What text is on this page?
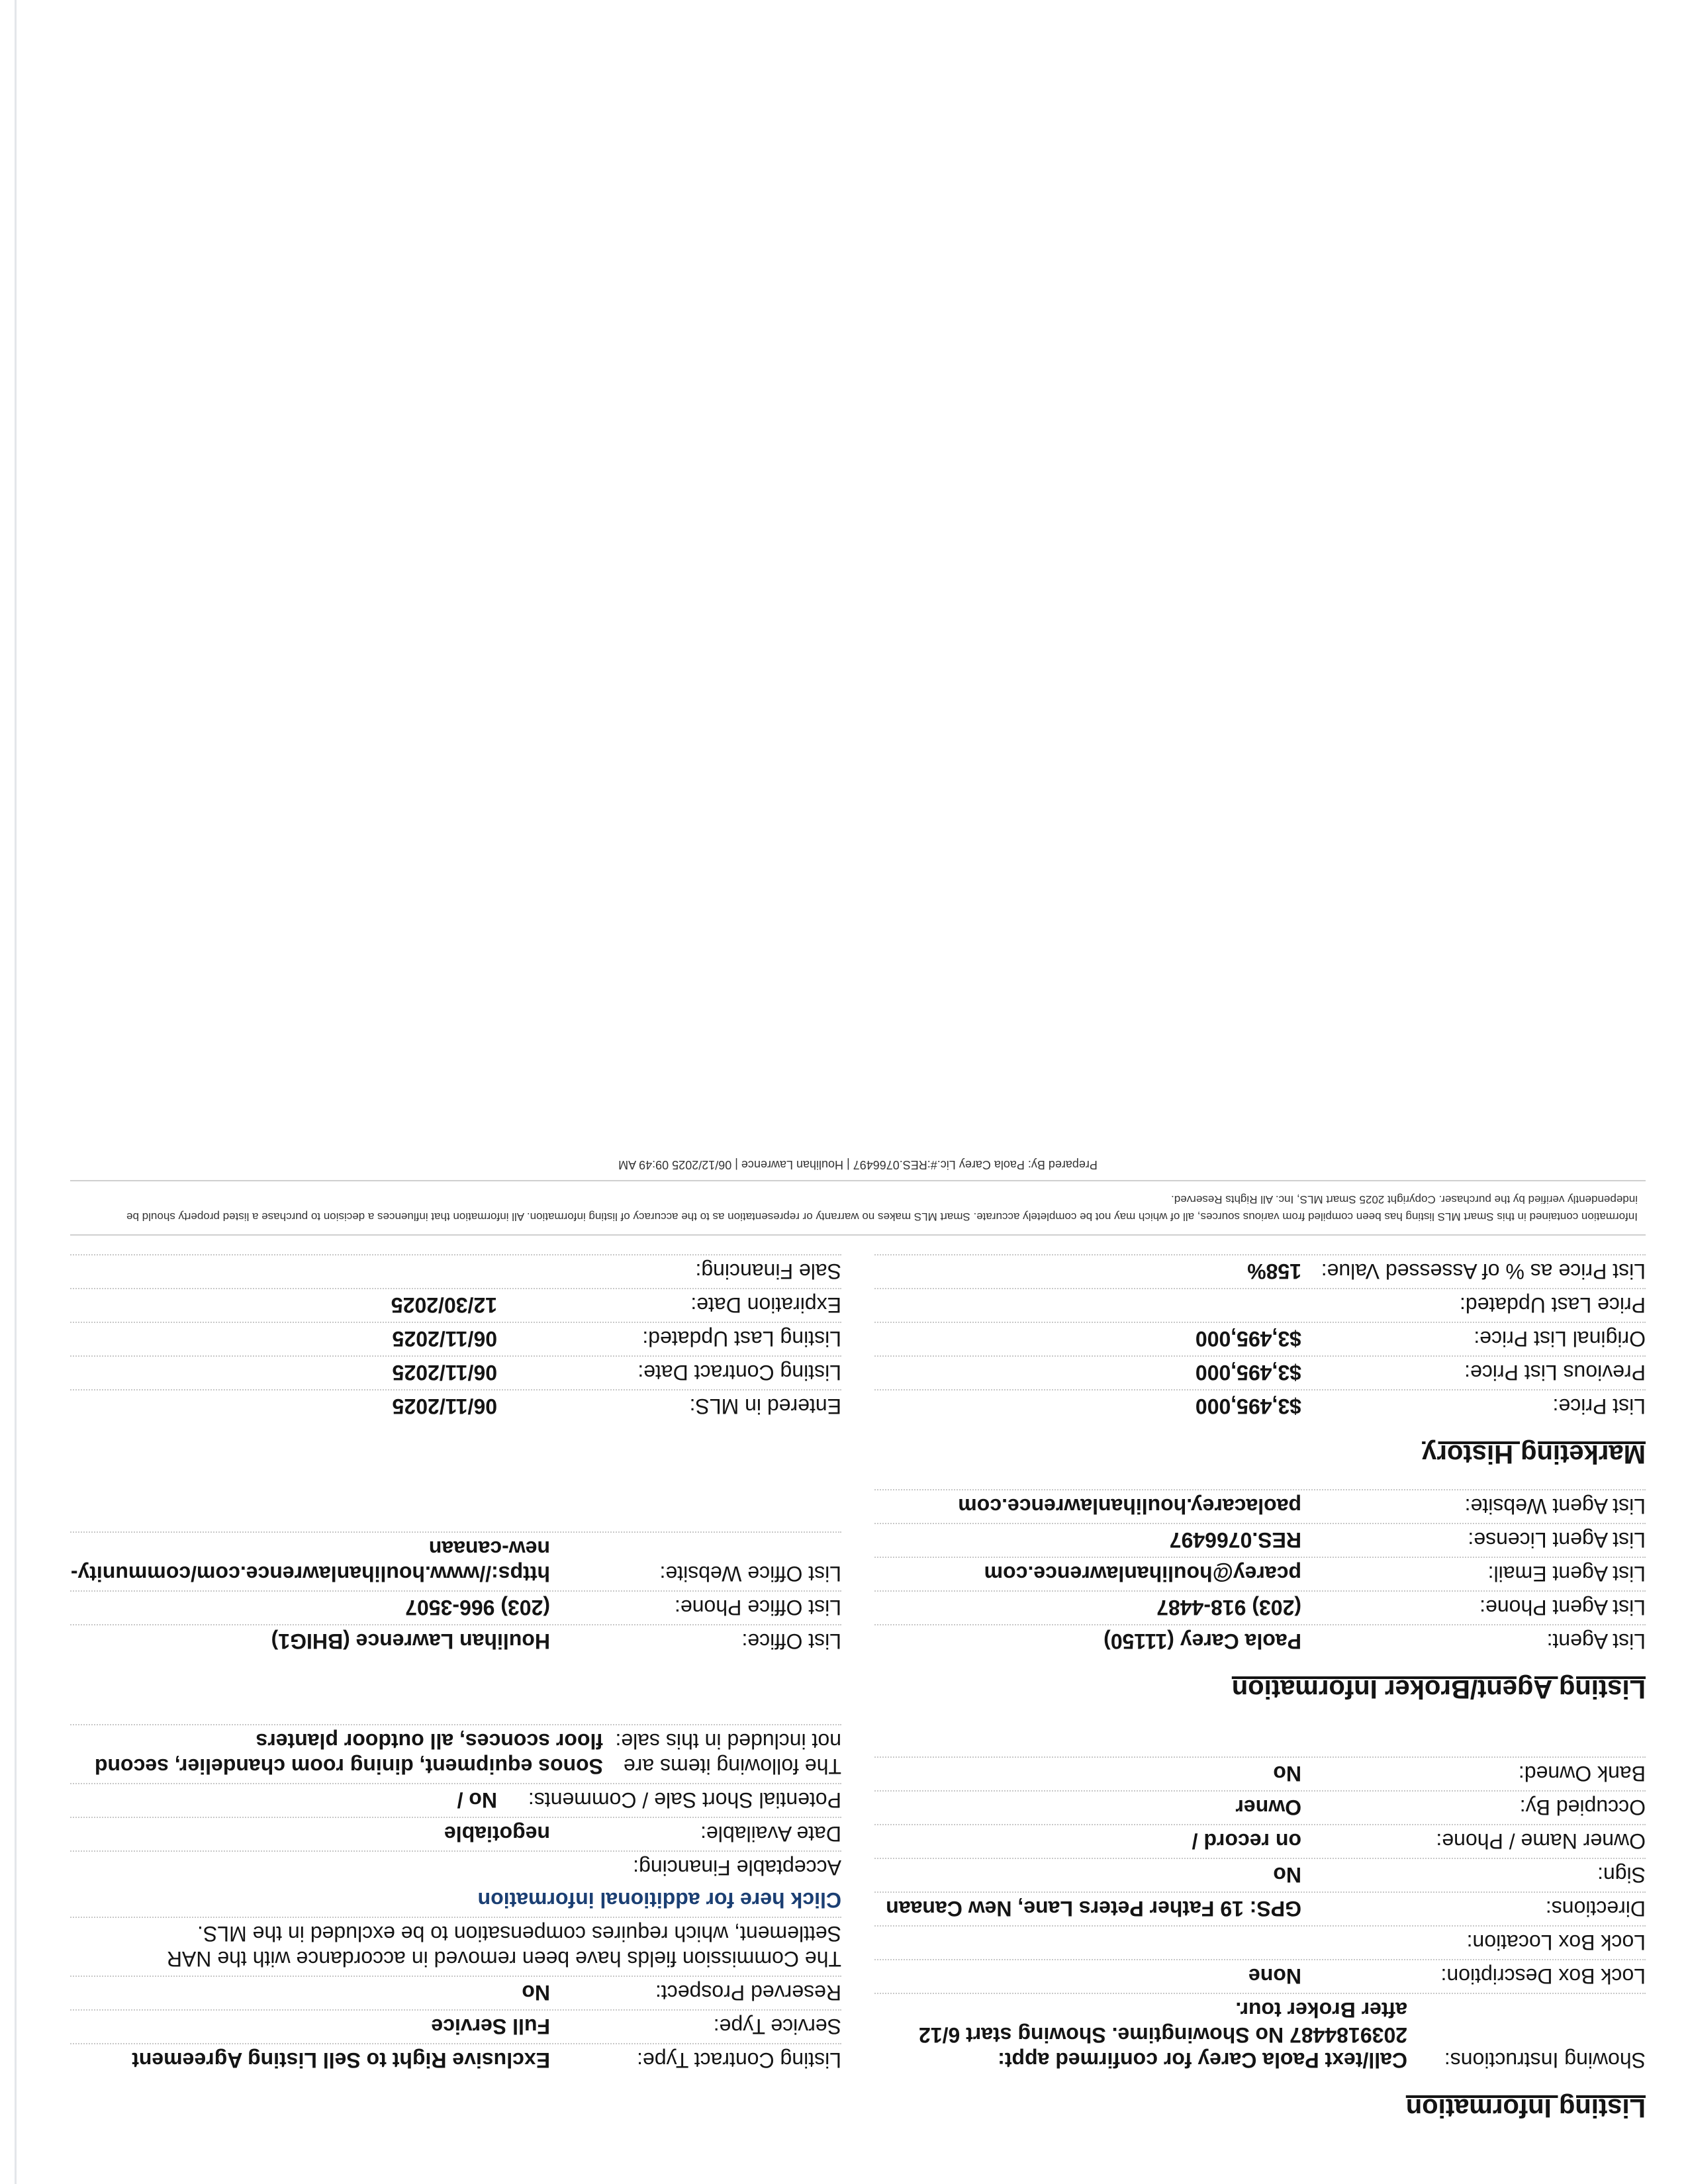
Listing Information
Showing Instructions:
Call/text Paola Carey for confirmed appt: 2039184487 No Showingtime. Showing start 6/12 after Broker tour.
Lock Box Description:
None
Lock Box Location:
Directions:
GPS: 19 Father Peters Lane, New Canaan
Sign:
No
Owner Name / Phone:
on record /
Occupied By:
Owner
Bank Owned:
No
Listing Contract Type:
Exclusive Right to Sell Listing Agreement
Service Type:
Full Service
Reserved Prospect:
No
The Commission fields have been removed in accordance with the NAR Settlement, which requires compensation to be excluded in the MLS.
Click here for additional information
Acceptable Financing:
Date Available:
negotiable
Potential Short Sale / Comments:
No /
The following items are not included in this sale:
Sonos equipment, dining room chandelier, second floor sconces, all outdoor planters
Listing Agent/Broker Information
List Agent:
Paola Carey (11150)
List Agent Phone:
(203) 918-4487
List Agent Email:
pcarey@houlihanlawrence.com
List Agent License:
RES.0766497
List Agent Website:
paolacarey.houlihanlawrence.com
List Office:
Houlihan Lawrence (BHIG1)
List Office Phone:
(203) 966-3507
List Office Website:
https://www.houlihanlawrence.com/community-new-canaan
Marketing History
List Price:
$3,495,000
Previous List Price:
$3,495,000
Original List Price:
$3,495,000
Price Last Updated:
List Price as % of Assessed Value:
158%
Entered in MLS:
06/11/2025
Listing Contract Date:
06/11/2025
Listing Last Updated:
06/11/2025
Expiration Date:
12/30/2025
Sale Financing:
Information contained in this Smart MLS listing has been compiled from various sources, all of which may not be completely accurate. Smart MLS makes no warranty or representation as to the accuracy of listing information. All information that influences a decision to purchase a listed property should be independently verified by the purchaser. Copyright 2025 Smart MLS, Inc. All Rights Reserved.
Prepared By: Paola Carey Lic.#:RES.0766497 | Houlihan Lawrence | 06/12/2025 09:49 AM
